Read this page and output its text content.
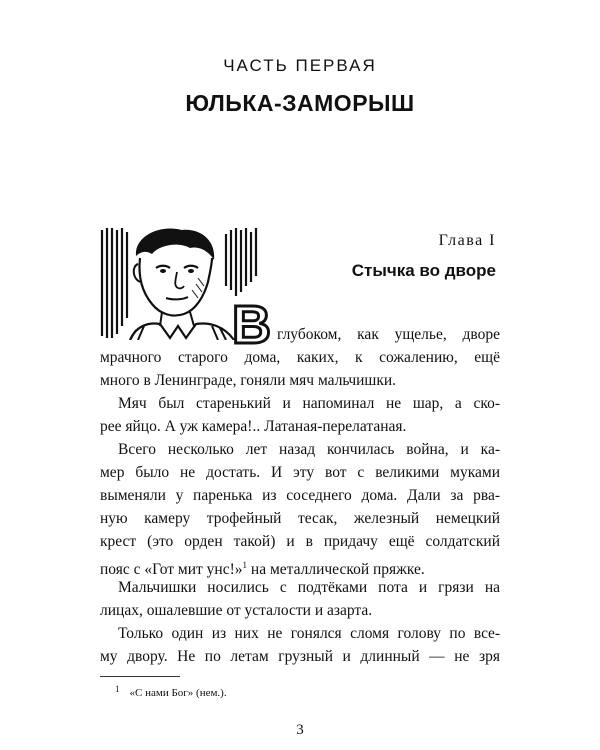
ЧАСТЬ ПЕРВАЯ
ЮЛЬКА-ЗАМОРЫШ
Глава I
Стычка во дворе
В глубоком, как ущелье, дворе
мрачного старого дома, каких, к сожалению, ещё
много в Ленинграде, гоняли мяч мальчишки.
Мяч был старенький и напоминал не шар, а ско-
рее яйцо. А уж камера!.. Латаная-перелатаная.
Всего несколько лет назад кончилась война, и ка-
мер было не достать. И эту вот с великими муками
выменяли у паренька из соседнего дома. Дали за рва-
ную камеру трофейный тесак, железный немецкий
крест (это орден такой) и в придачу ещё солдатский
пояс с «Гот мит унс!»$^1$ на металлической пряжке.
Мальчишки носились с подтёками пота и грязи на
лицах, ошалевшие от усталости и азарта.
Только один из них не гонялся сломя голову по всe-
му двору. Не по летам грузный и длинный — не зря
$^1$ «С нами Бог» (нем.).
3
